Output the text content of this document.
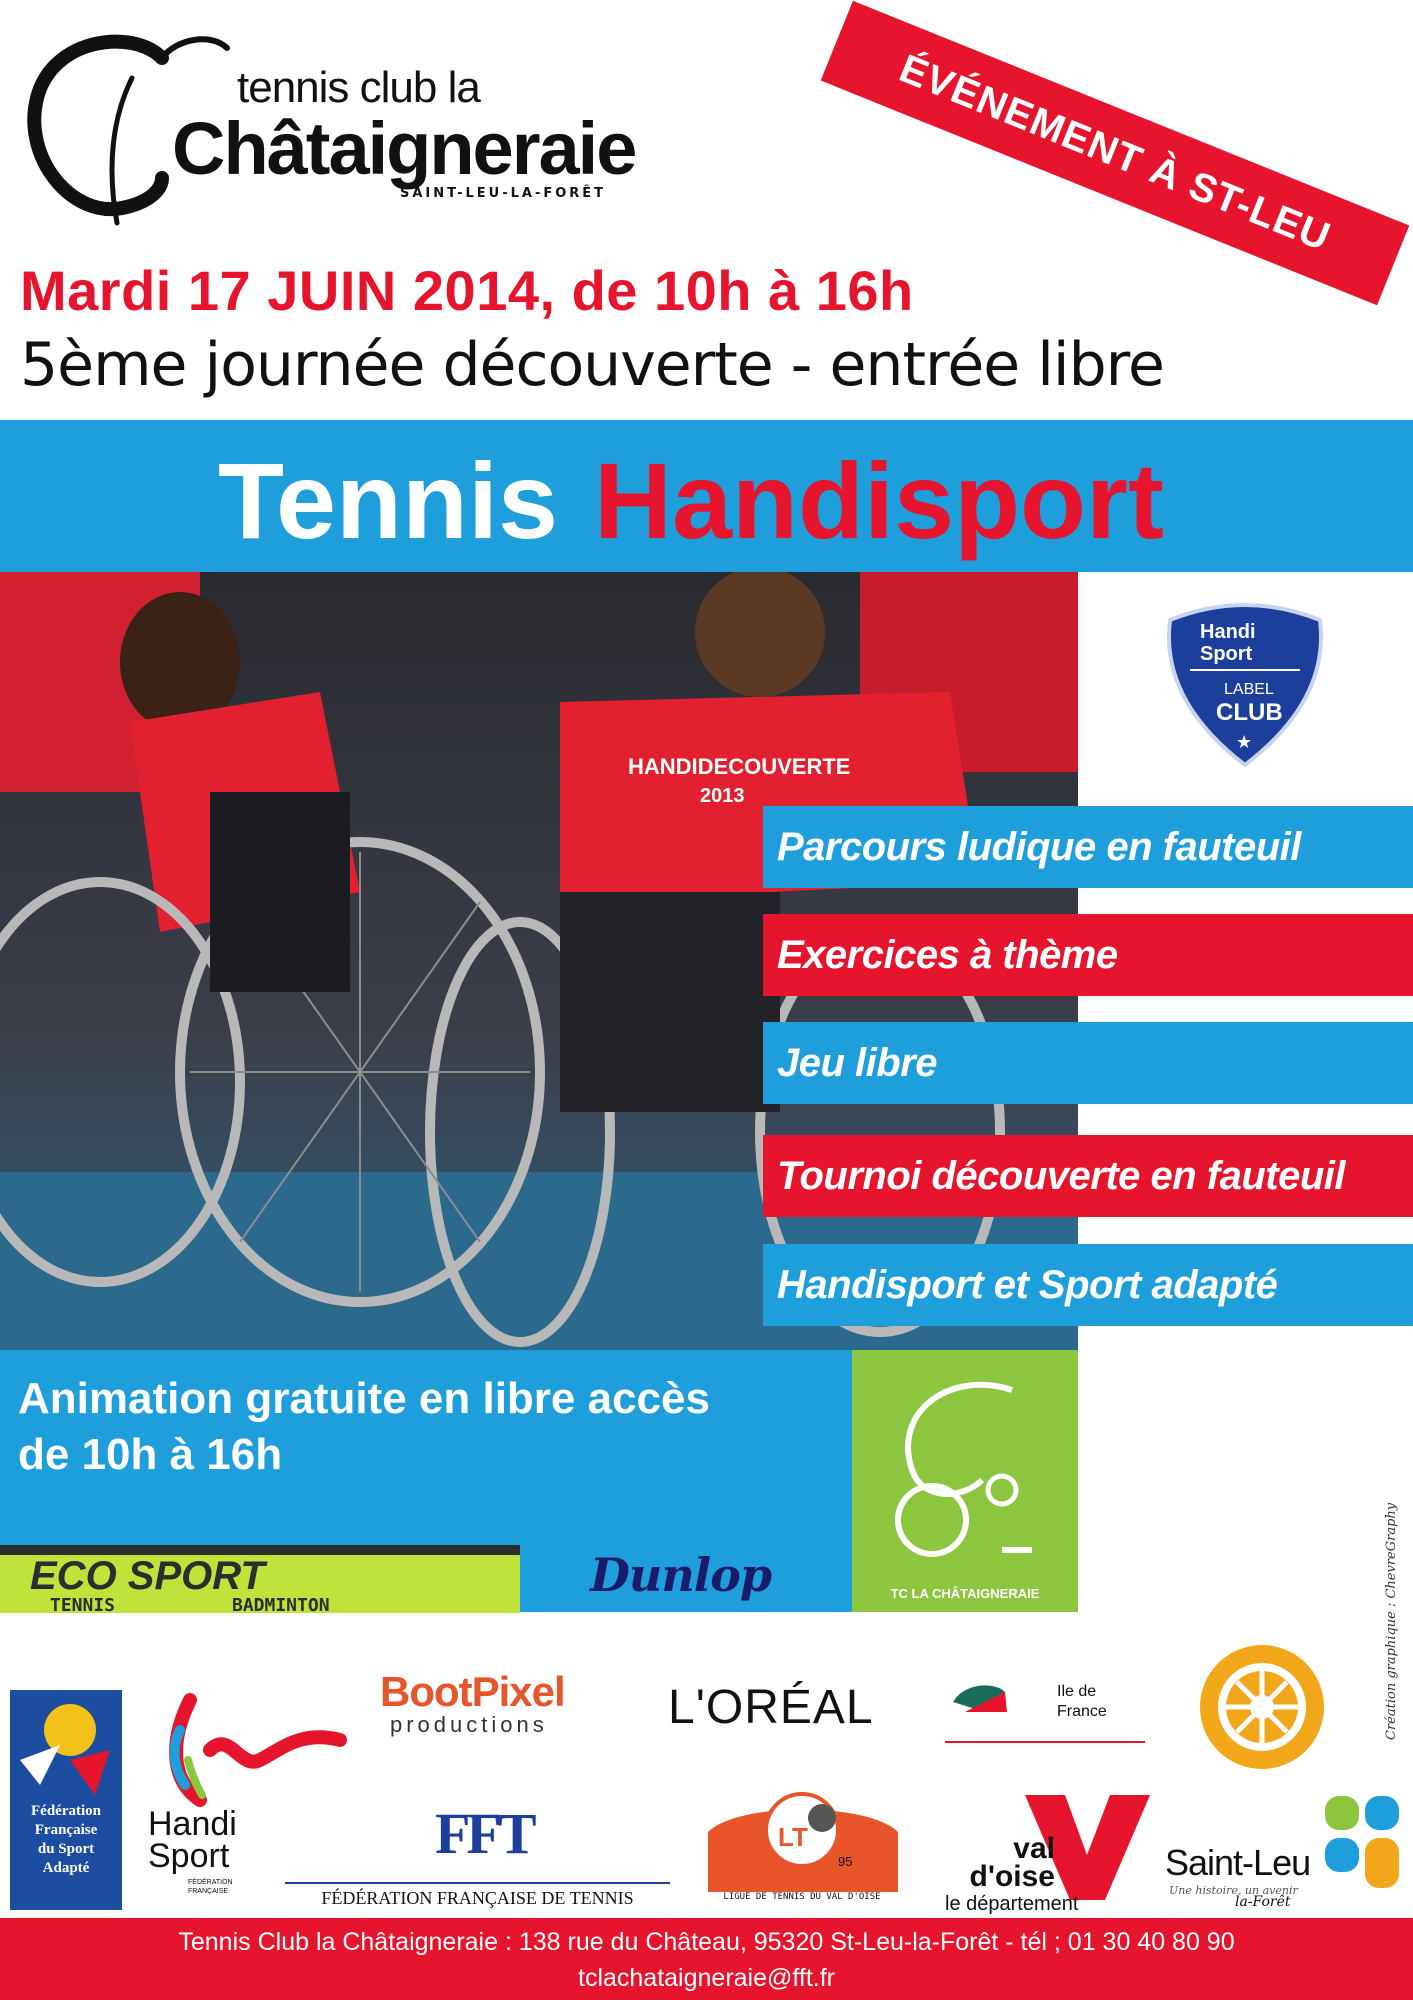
tennis club la
Châtaigneraie
SAINT-LEU-LA-FORÊT	ÉVÉNEMENT À ST-LEU
Mardi 17 JUIN 2014, de 10h à 16h
5ème journée découverte - entrée libre
Tennis Handisport
HANDIDECOUVERTE
2013
Handi
Sport
LABEL
CLUB
★
Parcours ludique en fauteuil
Exercices à thème
Jeu libre
Tournoi découverte en fauteuil
Handisport et Sport adapté
Animation gratuite en libre accès
de 10h à 16h
TC LA CHÂTAIGNERAIE
ECO SPORT
TENNIS	BADMINTON
Dunlop	Création graphique : ChevreGraphy
Fédération
Française
du Sport
Adapté
Handi
Sport
FÉDÉRATION
FRANÇAISE
BootPixel
productions	L'ORÉAL	Ile de
France
FFT
FÉDÉRATION FRANÇAISE DE TENNIS
LT
95
LIGUE DE TENNIS DU VAL D'OISE
val
d'oise
le département
Saint-Leu
Une histoire, un avenir
la-Forêt
Tennis Club la Châtaigneraie : 138 rue du Château, 95320 St-Leu-la-Forêt - tél ; 01 30 40 80 90
tclachataigneraie@fft.fr
